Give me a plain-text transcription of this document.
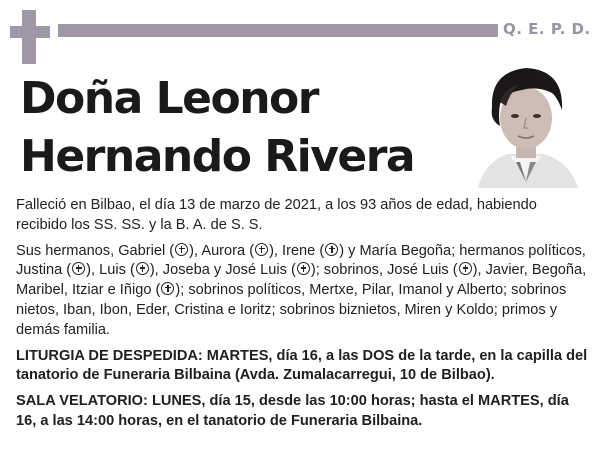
Q. E. P. D.
Doña Leonor
Hernando Rivera

Falleció en Bilbao, el día 13 de marzo de 2021, a los 93 años de edad, habiendo recibido los SS. SS. y la B. A. de S. S.

Sus hermanos, Gabriel ( ), Aurora ( ), Irene ( ) y María Begoña; hermanos políticos, Justina ( ), Luis ( ), Joseba y José Luis ( ); sobrinos, José Luis ( ), Javier, Begoña, Maribel, Itziar e Iñigo ( ); sobrinos políticos, Mertxe, Pilar, Imanol y Alberto; sobrinos nietos, Iban, Ibon, Eder, Cristina e Ioritz; sobrinos biznietos, Miren y Koldo; primos y demás familia.

LITURGIA DE DESPEDIDA: MARTES, día 16, a las DOS de la tarde, en la capilla del tanatorio de Funeraria Bilbaina (Avda. Zumalacarregui, 10 de Bilbao).

SALA VELATORIO: LUNES, día 15, desde las 10:00 horas; hasta el MARTES, día 16, a las 14:00 horas, en el tanatorio de Funeraria Bilbaina.
